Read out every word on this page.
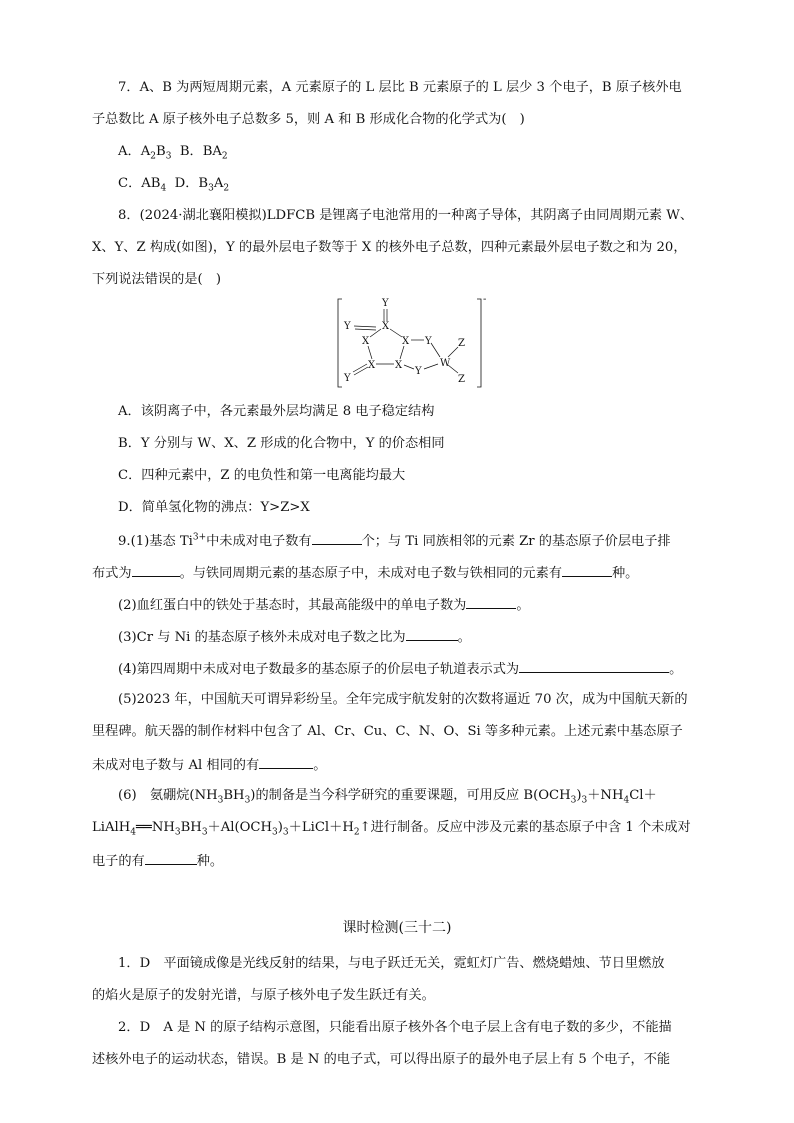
7．A、B 为两短周期元素，A 元素原子的 L 层比 B 元素原子的 L 层少 3 个电子，B 原子核外电
子总数比 A 原子核外电子总数多 5，则 A 和 B 形成化合物的化学式为(　)
A．$A_2B_3$ B．$BA_2$
C．$AB_4$ D．$B_3A_2$
8．(2024·湖北襄阳模拟)LDFCB 是锂离子电池常用的一种离子导体，其阴离子由同周期元素 W、
X、Y、Z 构成(如图)，Y 的最外层电子数等于 X 的核外电子总数，四种元素最外层电子数之和为 20，
下列说法错误的是(　)
-
Y
X
Y
X	X Y
Y
X X
Y
W
Z
Z
A．该阴离子中，各元素最外层均满足 8 电子稳定结构
B．Y 分别与 W、X、Z 形成的化合物中，Y 的价态相同
C．四种元素中，Z 的电负性和第一电离能均最大
D．简单氢化物的沸点：Y>Z>X
9.(1)基态 $Ti^{3+}$中未成对电子数有	个；与 Ti 同族相邻的元素 Zr 的基态原子价层电子排
布式为	。与铁同周期元素的基态原子中，未成对电子数与铁相同的元素有	种。
(2)血红蛋白中的铁处于基态时，其最高能级中的单电子数为	。
(3)Cr 与 Ni 的基态原子核外未成对电子数之比为	。
(4)第四周期中未成对电子数最多的基态原子的价层电子轨道表示式为	。
(5)2023 年，中国航天可谓异彩纷呈。全年完成宇航发射的次数将逼近 70 次，成为中国航天新的
里程碑。航天器的制作材料中包含了 Al、Cr、Cu、C、N、O、Si 等多种元素。上述元素中基态原子
未成对电子数与 Al 相同的有	。
(6)　氨硼烷$(NH_3BH_3)$的制备是当今科学研究的重要课题，可用反应 $B(OCH_3)_3+NH_4Cl+$
$LiAlH_4══NH_3BH_3+Al(OCH_3)_3+LiCl+H_2↑$进行制备。反应中涉及元素的基态原子中含 1 个未成对
电子的有	种。
课时检测(三十二)
1．D　平面镜成像是光线反射的结果，与电子跃迁无关，霓虹灯广告、燃烧蜡烛、节日里燃放
的焰火是原子的发射光谱，与原子核外电子发生跃迁有关。
2．D　A 是 N 的原子结构示意图，只能看出原子核外各个电子层上含有电子数的多少，不能描
述核外电子的运动状态，错误。B 是 N 的电子式，可以得出原子的最外电子层上有 5 个电子，不能
